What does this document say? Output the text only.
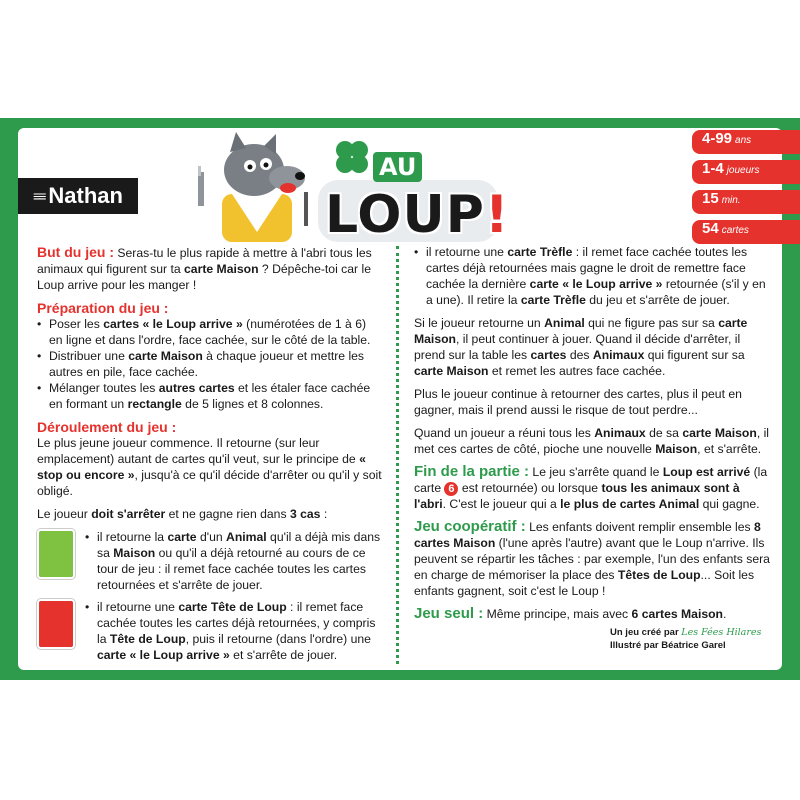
≡≡ Nathan
AU
LOUP!
4-99 ans
1-4 joueurs
15 min.
54 cartes

But du jeu : Seras-tu le plus rapide à mettre à l'abri tous les animaux qui figurent sur ta carte Maison ? Dépêche-toi car le Loup arrive pour les manger !

Préparation du jeu :
• Poser les cartes « le Loup arrive » (numérotées de 1 à 6) en ligne et dans l'ordre, face cachée, sur le côté de la table.
• Distribuer une carte Maison à chaque joueur et mettre les autres en pile, face cachée.
• Mélanger toutes les autres cartes et les étaler face cachée en formant un rectangle de 5 lignes et 8 colonnes.
Déroulement du jeu :

Le plus jeune joueur commence. Il retourne (sur leur emplacement) autant de cartes qu'il veut, sur le principe de « stop ou encore », jusqu'à ce qu'il décide d'arrêter ou qu'il y soit obligé.

Le joueur doit s'arrêter et ne gagne rien dans 3 cas :

• il retourne la carte d'un Animal qu'il a déjà mis dans sa Maison ou qu'il a déjà retourné au cours de ce tour de jeu : il remet face cachée toutes les cartes retournées et s'arrête de jouer.
• il retourne une carte Tête de Loup : il remet face cachée toutes les cartes déjà retournées, y compris la Tête de Loup, puis il retourne (dans l'ordre) une carte « le Loup arrive » et s'arrête de jouer.

• il retourne une carte Trèfle : il remet face cachée toutes les cartes déjà retournées mais gagne le droit de remettre face cachée la dernière carte « le Loup arrive » retournée (s'il y en a une). Il retire la carte Trèfle du jeu et s'arrête de jouer.

Si le joueur retourne un Animal qui ne figure pas sur sa carte Maison, il peut continuer à jouer. Quand il décide d'arrêter, il prend sur la table les cartes des Animaux qui figurent sur sa carte Maison et remet les autres face cachée.

Plus le joueur continue à retourner des cartes, plus il peut en gagner, mais il prend aussi le risque de tout perdre...

Quand un joueur a réuni tous les Animaux de sa carte Maison, il met ces cartes de côté, pioche une nouvelle Maison, et s'arrête.

Fin de la partie : Le jeu s'arrête quand le Loup est arrivé (la carte 6 est retournée) ou lorsque tous les animaux sont à l'abri. C'est le joueur qui a le plus de cartes Animal qui gagne.

Jeu coopératif : Les enfants doivent remplir ensemble les 8 cartes Maison (l'une après l'autre) avant que le Loup n'arrive. Ils peuvent se répartir les tâches : par exemple, l'un des enfants sera en charge de mémoriser la place des Têtes de Loup... Soit les enfants gagnent, soit c'est le Loup !

Jeu seul : Même principe, mais avec 6 cartes Maison.

Un jeu créé par Les Fées Hilares
Illustré par Béatrice Garel
